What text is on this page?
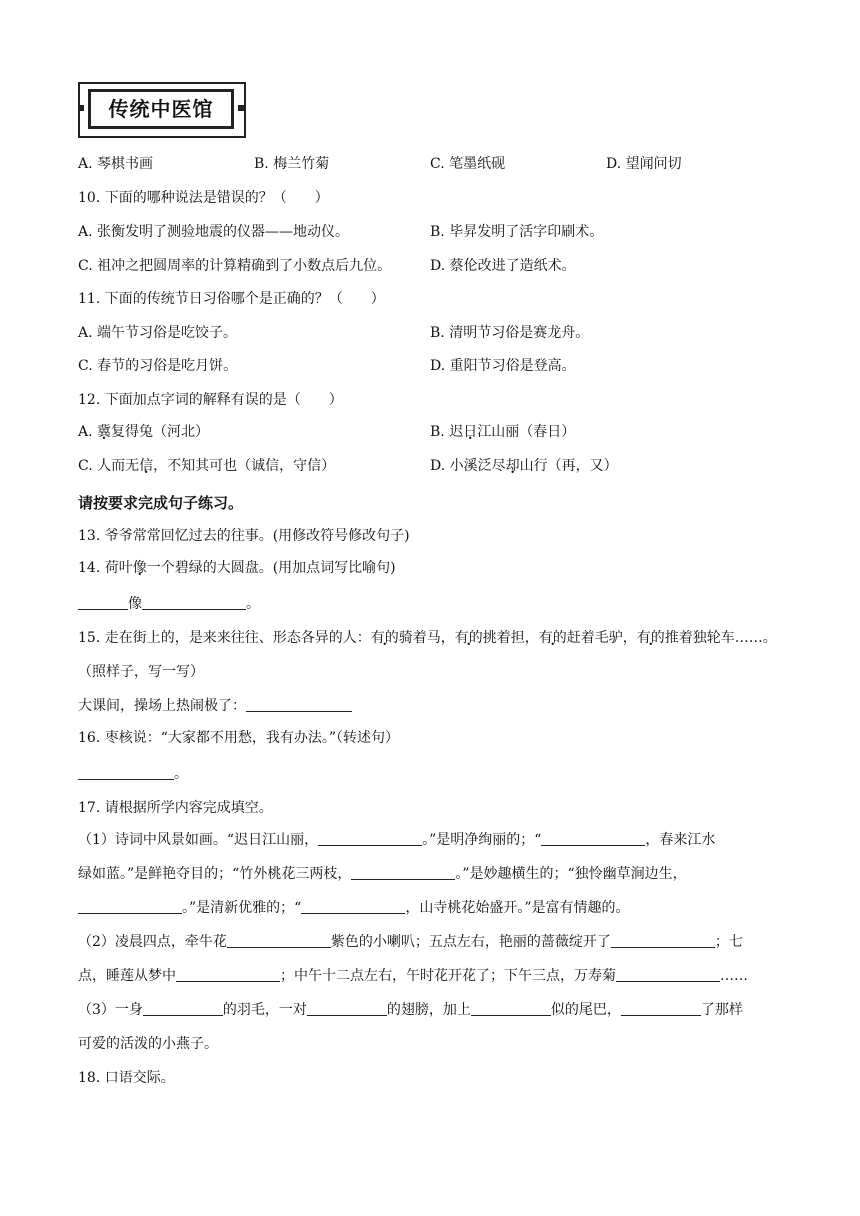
传统中医馆
A. 琴棋书画	B. 梅兰竹菊	C. 笔墨纸砚	D. 望闻问切
10. 下面的哪种说法是错误的？（　　）
A. 张衡发明了测验地震的仪器——地动仪。	B. 毕昇发明了活字印刷术。
C. 祖冲之把圆周率的计算精确到了小数点后九位。	D. 蔡伦改进了造纸术。
11. 下面的传统节日习俗哪个是正确的？（　　）
A. 端午节习俗是吃饺子。	B. 清明节习俗是赛龙舟。
C. 春节的习俗是吃月饼。	D. 重阳节习俗是登高。
12. 下面加点字词的解释有误的是（　　）
A. 冀复得兔（河北）	B. 迟日江山丽（春日）
C. 人而无信，不知其可也（诚信，守信）	D. 小溪泛尽却山行（再，又）
请按要求完成句子练习。
13. 爷爷常常回忆过去的往事。(用修改符号修改句子)
14. 荷叶像一个碧绿的大圆盘。(用加点词写比喻句)
像	。
15. 走在街上的，是来来往往、形态各异的人：有的骑着马，有的挑着担，有的赶着毛驴，有的推着独轮车……。
（照样子，写一写）
大课间，操场上热闹极了：
16. 枣核说：“大家都不用愁，我有办法。”（转述句）
。
17. 请根据所学内容完成填空。
（1）诗词中风景如画。“迟日江山丽，	。”是明净绚丽的；“	，春来江水
绿如蓝。”是鲜艳夺目的；“竹外桃花三两枝，	。”是妙趣横生的；“独怜幽草涧边生，
。”是清新优雅的；“	，山寺桃花始盛开。”是富有情趣的。
（2）凌晨四点，牵牛花	紫色的小喇叭；五点左右，艳丽的蔷薇绽开了	；七
点，睡莲从梦中	；中午十二点左右，午时花开花了；下午三点，万寿菊	……
（3）一身	的羽毛，一对	的翅膀，加上	似的尾巴，	了那样
可爱的活泼的小燕子。
18. 口语交际。
